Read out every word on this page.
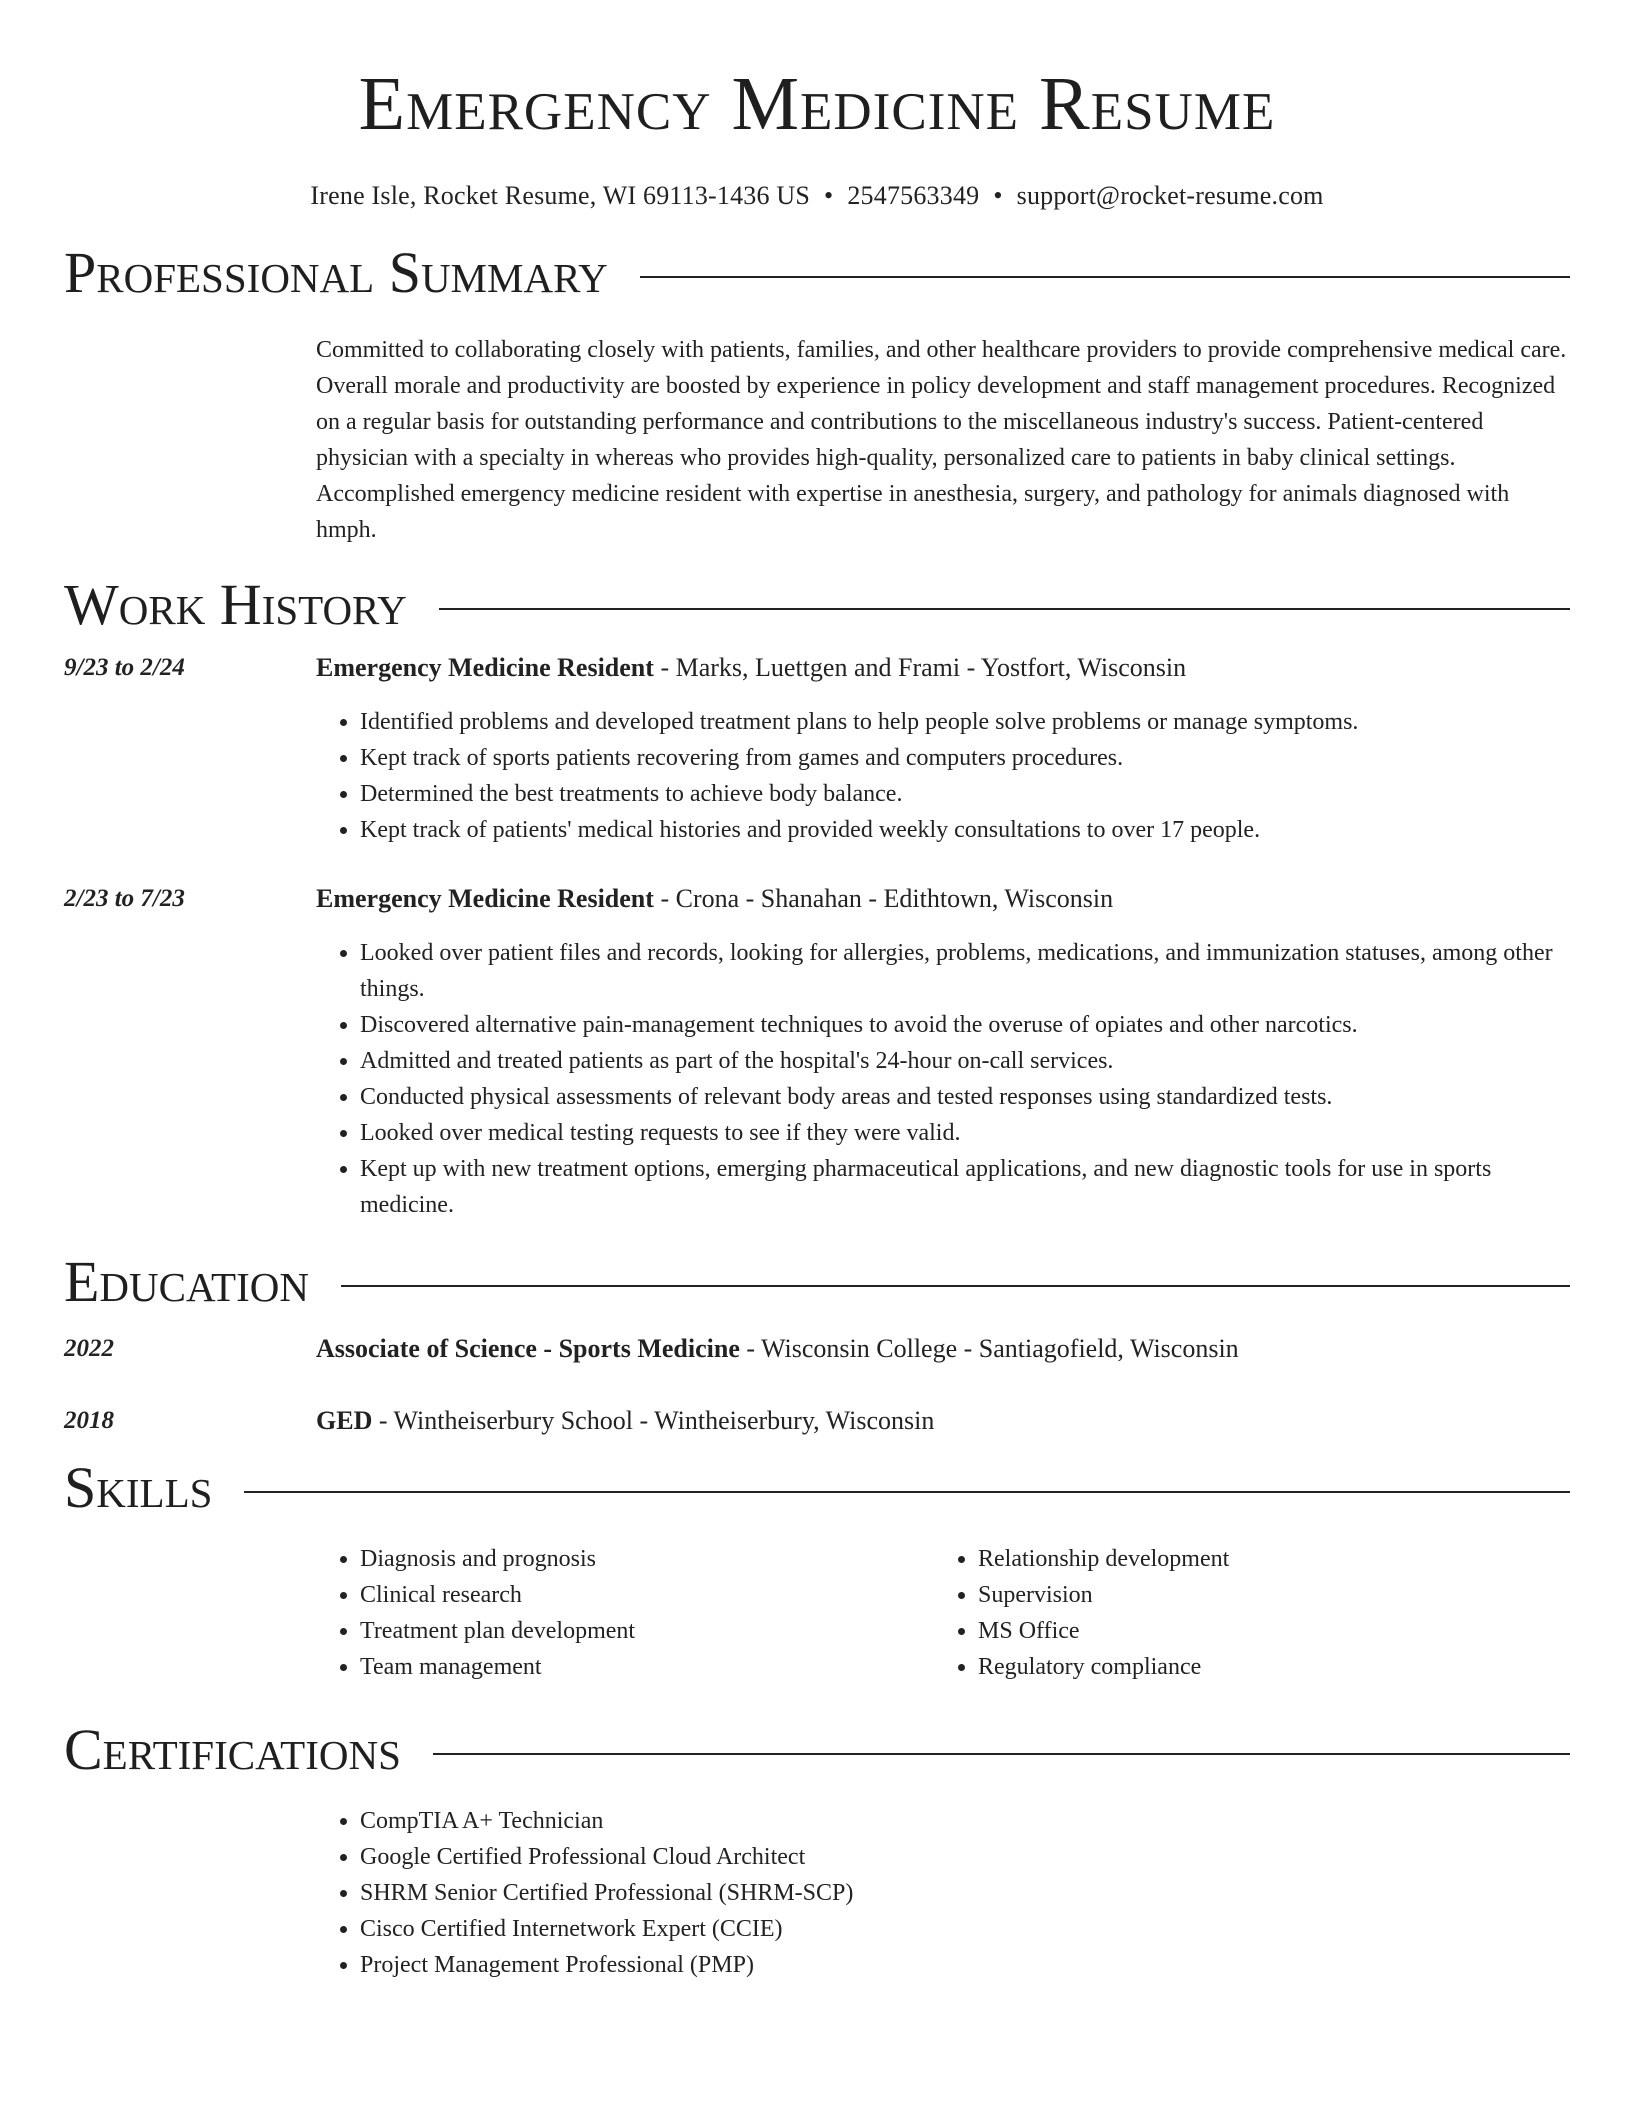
Emergency Medicine Resume
Irene Isle, Rocket Resume, WI 69113-1436 US • 2547563349 • support@rocket-resume.com
Professional Summary
Committed to collaborating closely with patients, families, and other healthcare providers to provide comprehensive medical care. Overall morale and productivity are boosted by experience in policy development and staff management procedures. Recognized on a regular basis for outstanding performance and contributions to the miscellaneous industry's success. Patient-centered physician with a specialty in whereas who provides high-quality, personalized care to patients in baby clinical settings. Accomplished emergency medicine resident with expertise in anesthesia, surgery, and pathology for animals diagnosed with hmph.
Work History
9/23 to 2/24	Emergency Medicine Resident - Marks, Luettgen and Frami - Yostfort, Wisconsin
• Identified problems and developed treatment plans to help people solve problems or manage symptoms.
• Kept track of sports patients recovering from games and computers procedures.
• Determined the best treatments to achieve body balance.
• Kept track of patients' medical histories and provided weekly consultations to over 17 people.
2/23 to 7/23	Emergency Medicine Resident - Crona - Shanahan - Edithtown, Wisconsin
• Looked over patient files and records, looking for allergies, problems, medications, and immunization statuses, among other things.
• Discovered alternative pain-management techniques to avoid the overuse of opiates and other narcotics.
• Admitted and treated patients as part of the hospital's 24-hour on-call services.
• Conducted physical assessments of relevant body areas and tested responses using standardized tests.
• Looked over medical testing requests to see if they were valid.
• Kept up with new treatment options, emerging pharmaceutical applications, and new diagnostic tools for use in sports medicine.
Education
2022	Associate of Science - Sports Medicine - Wisconsin College - Santiagofield, Wisconsin
2018	GED - Wintheiserbury School - Wintheiserbury, Wisconsin
Skills
• Diagnosis and prognosis
• Clinical research
• Treatment plan development
• Team management
• Relationship development
• Supervision
• MS Office
• Regulatory compliance
Certifications
• CompTIA A+ Technician
• Google Certified Professional Cloud Architect
• SHRM Senior Certified Professional (SHRM-SCP)
• Cisco Certified Internetwork Expert (CCIE)
• Project Management Professional (PMP)
